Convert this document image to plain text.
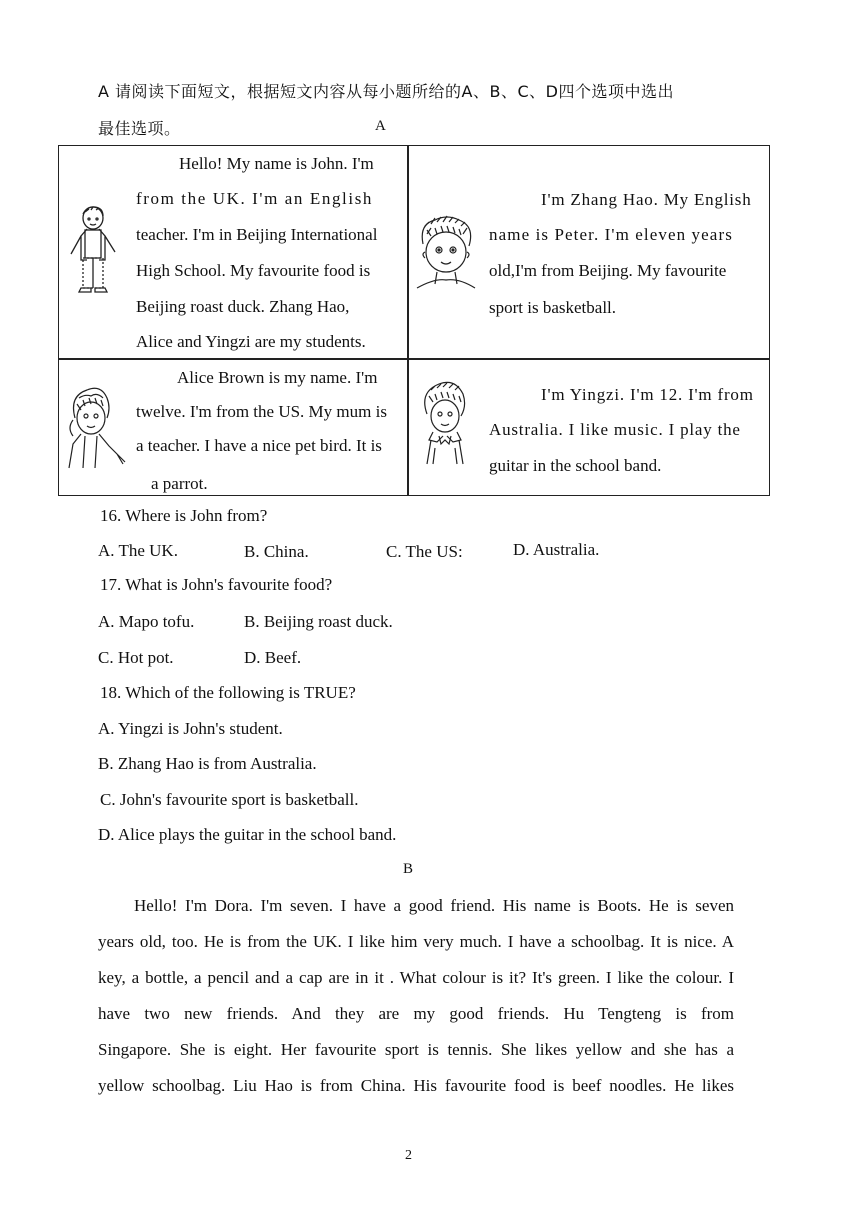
A 请阅读下面短文，根据短文内容从每小题所给的A、B、C、D四个选项中选出
最佳选项。	A
Hello! My name is John. I'm
from the UK. I'm an English
teacher. I'm in Beijing International
High School. My favourite food is
Beijing roast duck. Zhang Hao,
Alice and Yingzi are my students.
I'm Zhang Hao. My English
name is Peter. I'm eleven years
old,I'm from Beijing. My favourite
sport is basketball.
Alice Brown is my name. I'm
twelve. I'm from the US. My mum is
a teacher. I have a nice pet bird. It is
a parrot.
I'm Yingzi. I'm 12. I'm from
Australia. I like music. I play the
guitar in the school band.
16. Where is John from?
A. The UK.	B. China.	C. The US:	D. Australia.
17. What is John's favourite food?
A. Mapo tofu.	B. Beijing roast duck.
C. Hot pot.	D. Beef.
18. Which of the following is TRUE?
A. Yingzi is John's student.
B. Zhang Hao is from Australia.
C. John's favourite sport is basketball.
D. Alice plays the guitar in the school band.
B
Hello! I'm Dora. I'm seven. I have a good friend. His name is Boots. He is seven
years old, too. He is from the UK. I like him very much. I have a schoolbag. It is nice. A
key, a bottle, a pencil and a cap are in it . What colour is it? It's green. I like the colour. I
have two new friends. And they are my good friends. Hu Tengteng is from
Singapore. She is eight. Her favourite sport is tennis. She likes yellow and she has a
yellow schoolbag. Liu Hao is from China. His favourite food is beef noodles. He likes
2
